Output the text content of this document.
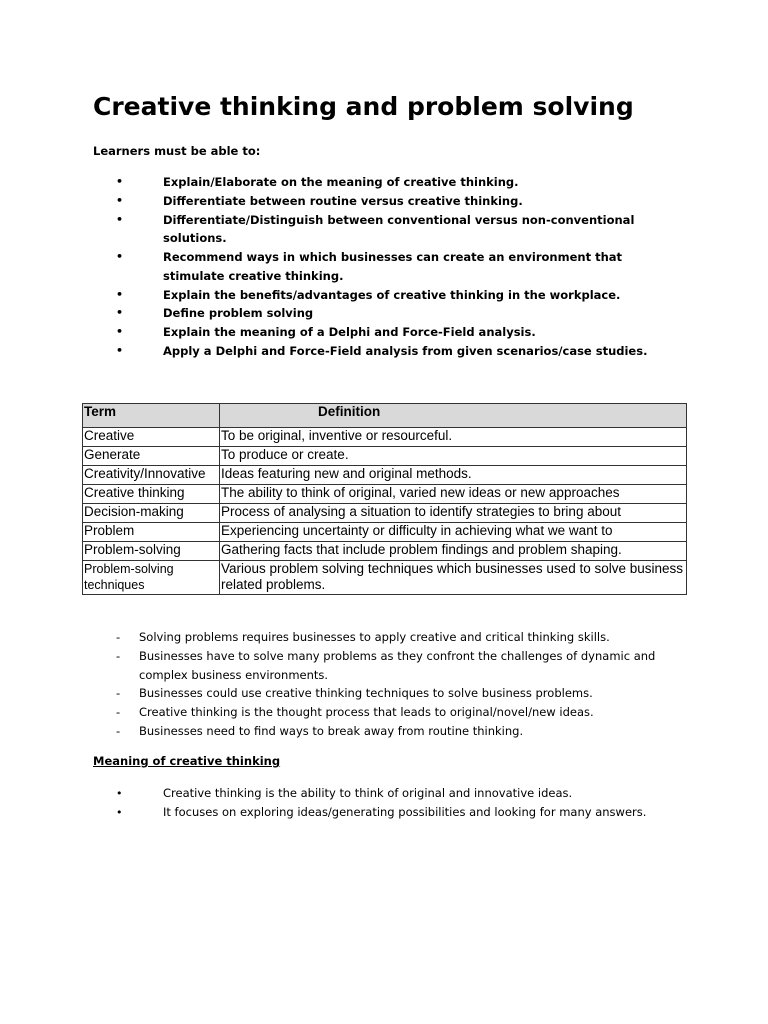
Creative thinking and problem solving
Learners must be able to:
•	Explain/Elaborate on the meaning of creative thinking.
•	Differentiate between routine versus creative thinking.
•	Differentiate/Distinguish between conventional versus non-conventional solutions.
•	Recommend ways in which businesses can create an environment that stimulate creative thinking.
•	Explain the benefits/advantages of creative thinking in the workplace.
•	Define problem solving
•	Explain the meaning of a Delphi and Force-Field analysis.
•	Apply a Delphi and Force-Field analysis from given scenarios/case studies.
Term	Definition
Creative	To be original, inventive or resourceful.
Generate	To produce or create.
Creativity/Innovative	Ideas featuring new and original methods.
Creative thinking	The ability to think of original, varied new ideas or new approaches
Decision-making	Process of analysing a situation to identify strategies to bring about
Problem	Experiencing uncertainty or difficulty in achieving what we want to
Problem-solving	Gathering facts that include problem findings and problem shaping.
Problem-solving techniques	Various problem solving techniques which businesses used to solve business related problems.
- Solving problems requires businesses to apply creative and critical thinking skills.
- Businesses have to solve many problems as they confront the challenges of dynamic and complex business environments.
- Businesses could use creative thinking techniques to solve business problems.
- Creative thinking is the thought process that leads to original/novel/new ideas.
- Businesses need to find ways to break away from routine thinking.
Meaning of creative thinking
•	Creative thinking is the ability to think of original and innovative ideas.
•	It focuses on exploring ideas/generating possibilities and looking for many answers.
